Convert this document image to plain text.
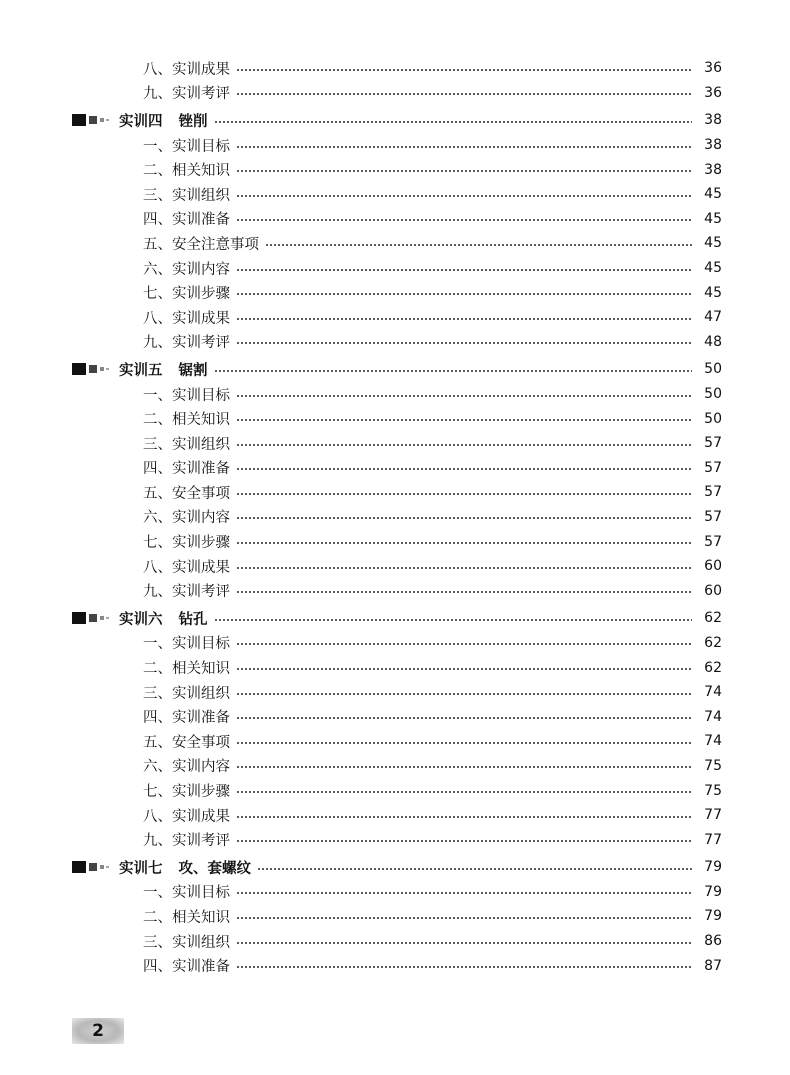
八、实训成果	36
九、实训考评	36
实训四 锉削	38
一、实训目标	38
二、相关知识	38
三、实训组织	45
四、实训准备	45
五、安全注意事项	45
六、实训内容	45
七、实训步骤	45
八、实训成果	47
九、实训考评	48
实训五 锯割	50
一、实训目标	50
二、相关知识	50
三、实训组织	57
四、实训准备	57
五、安全事项	57
六、实训内容	57
七、实训步骤	57
八、实训成果	60
九、实训考评	60
实训六 钻孔	62
一、实训目标	62
二、相关知识	62
三、实训组织	74
四、实训准备	74
五、安全事项	74
六、实训内容	75
七、实训步骤	75
八、实训成果	77
九、实训考评	77
实训七 攻、套螺纹	79
一、实训目标	79
二、相关知识	79
三、实训组织	86
四、实训准备	87
2
